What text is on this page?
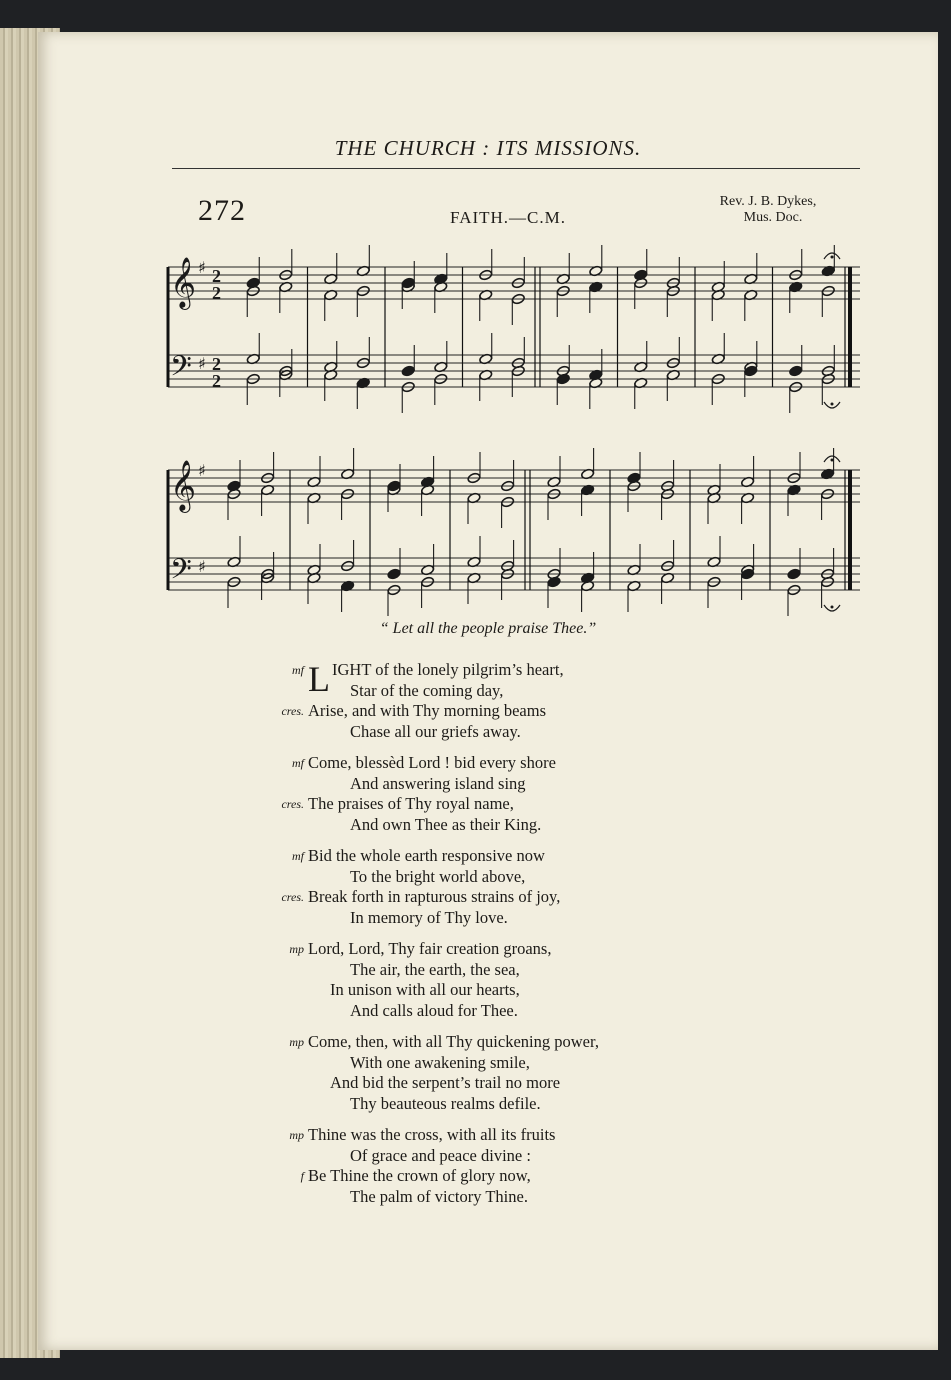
THE CHURCH : ITS MISSIONS.
272	FAITH.—C.M.
Rev. J. B. Dykes,

Mus. Doc.
𝄞 ♯ 2
2
𝄢 ♯ 2
2
𝄞 ♯
𝄢 ♯
“ Let all the people praise Thee.”
mf L IGHT of the lonely pilgrim’s heart,
Star of the coming day,
cres. Arise, and with Thy morning beams
Chase all our griefs away.
mf Come, blessèd Lord ! bid every shore
And answering island sing
cres. The praises of Thy royal name,
And own Thee as their King.
mf Bid the whole earth responsive now
To the bright world above,
cres. Break forth in rapturous strains of joy,
In memory of Thy love.
mp Lord, Lord, Thy fair creation groans,
The air, the earth, the sea,
In unison with all our hearts,
And calls aloud for Thee.
mp Come, then, with all Thy quickening power,
With one awakening smile,
And bid the serpent’s trail no more
Thy beauteous realms defile.
mp Thine was the cross, with all its fruits
Of grace and peace divine :
f Be Thine the crown of glory now,
The palm of victory Thine.
